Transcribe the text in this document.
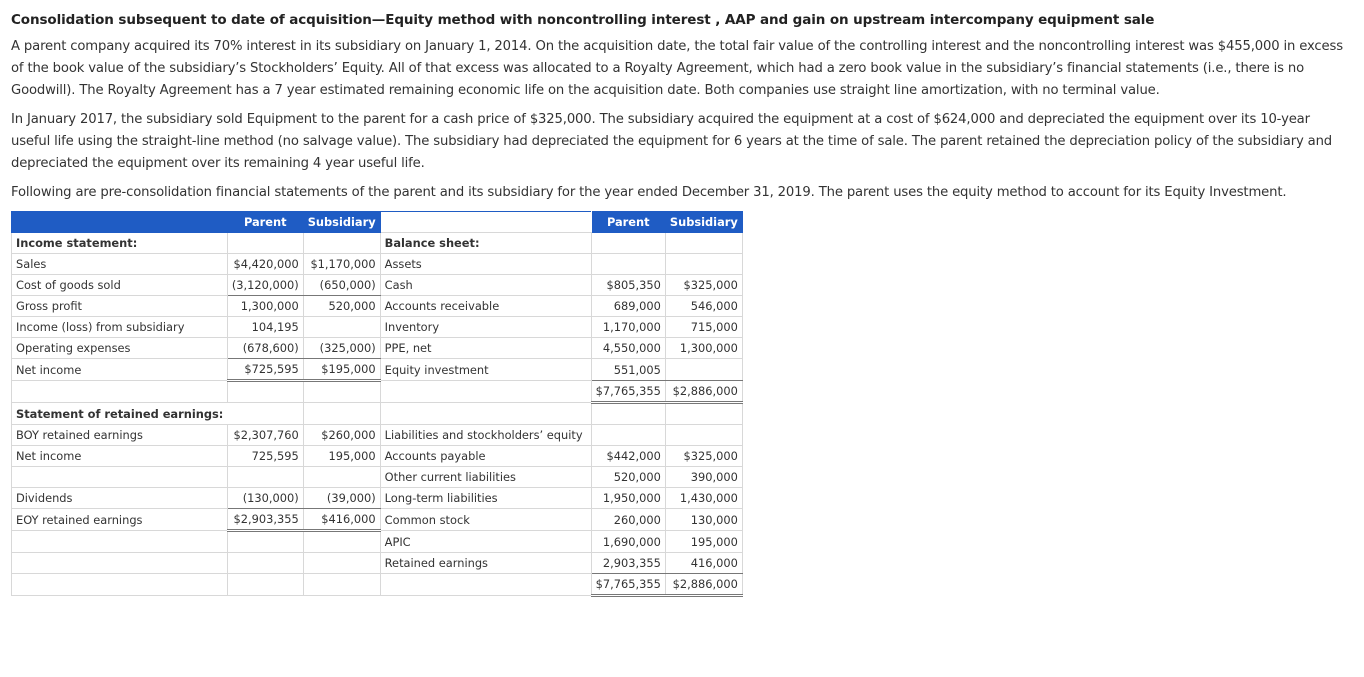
Consolidation subsequent to date of acquisition—Equity method with noncontrolling interest , AAP and gain on upstream intercompany equipment sale

A parent company acquired its 70% interest in its subsidiary on January 1, 2014. On the acquisition date, the total fair value of the controlling interest and the noncontrolling interest was $455,000 in excess of the book value of the subsidiary’s Stockholders’ Equity. All of that excess was allocated to a Royalty Agreement, which had a zero book value in the subsidiary’s financial statements (i.e., there is no Goodwill). The Royalty Agreement has a 7 year estimated remaining economic life on the acquisition date. Both companies use straight line amortization, with no terminal value.

In January 2017, the subsidiary sold Equipment to the parent for a cash price of $325,000. The subsidiary acquired the equipment at a cost of $624,000 and depreciated the equipment over its 10-year useful life using the straight-line method (no salvage value). The subsidiary had depreciated the equipment for 6 years at the time of sale. The parent retained the depreciation policy of the subsidiary and depreciated the equipment over its remaining 4 year useful life.

Following are pre-consolidation financial statements of the parent and its subsidiary for the year ended December 31, 2019. The parent uses the equity method to account for its Equity Investment.

	Parent	Subsidiary		Parent	Subsidiary
Income statement:			Balance sheet:		
Sales	$4,420,000	$1,170,000	Assets		
Cost of goods sold	(3,120,000)	(650,000)	Cash	$805,350	$325,000
Gross profit	1,300,000	520,000	Accounts receivable	689,000	546,000
Income (loss) from subsidiary	104,195		Inventory	1,170,000	715,000
Operating expenses	(678,600)	(325,000)	PPE, net	4,550,000	1,300,000
Net income	$725,595	$195,000	Equity investment	551,005	
				$7,765,355	$2,886,000
Statement of retained earnings:					
BOY retained earnings	$2,307,760	$260,000	Liabilities and stockholders’ equity		
Net income	725,595	195,000	Accounts payable	$442,000	$325,000
			Other current liabilities	520,000	390,000
Dividends	(130,000)	(39,000)	Long-term liabilities	1,950,000	1,430,000
EOY retained earnings	$2,903,355	$416,000	Common stock	260,000	130,000
			APIC	1,690,000	195,000
			Retained earnings	2,903,355	416,000
				$7,765,355	$2,886,000
